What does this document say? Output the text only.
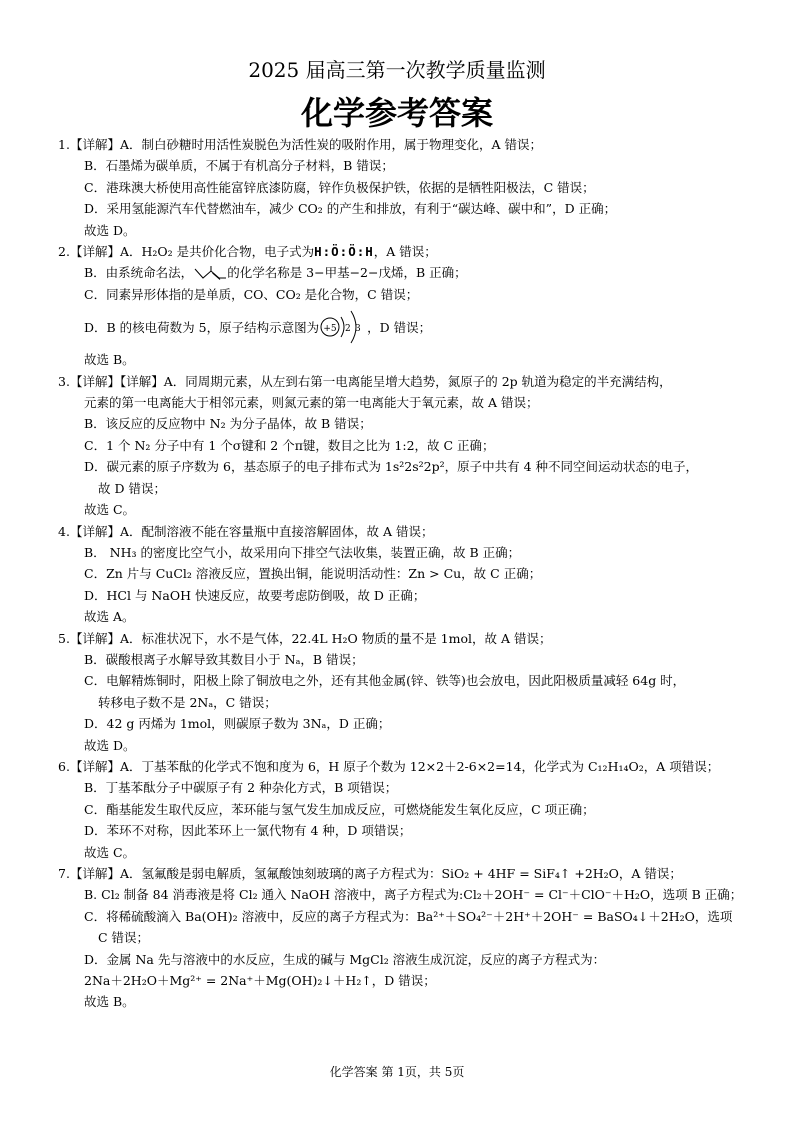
2025 届高三第一次教学质量监测
化学参考答案
1.【详解】A．制白砂糖时用活性炭脱色为活性炭的吸附作用，属于物理变化，A 错误；
B．石墨烯为碳单质，不属于有机高分子材料，B 错误；
C．港珠澳大桥使用高性能富锌底漆防腐，锌作负极保护铁，依据的是牺牲阳极法，C 错误；
D．采用氢能源汽车代替燃油车，减少 CO₂ 的产生和排放，有利于“碳达峰、碳中和”，D 正确；
故选 D。
2.【详解】A．H₂O₂ 是共价化合物，电子式为H:Ö:Ö:H，A 错误；
B．由系统命名法，	的化学名称是 3−甲基−2−戊烯，B 正确；
C．同素异形体指的是单质，CO、CO₂ 是化合物，C 错误；
D．B 的核电荷数为 5，原子结构示意图为 +5 2 3 ，D 错误；
故选 B。
3.【详解】【详解】A．同周期元素，从左到右第一电离能呈增大趋势，氮原子的 2p 轨道为稳定的半充满结构，
元素的第一电离能大于相邻元素，则氮元素的第一电离能大于氧元素，故 A 错误；
B．该反应的反应物中 N₂ 为分子晶体，故 B 错误；
C．1 个 N₂ 分子中有 1 个σ键和 2 个π键，数目之比为 1:2，故 C 正确；
D．碳元素的原子序数为 6，基态原子的电子排布式为 1s²2s²2p²，原子中共有 4 种不同空间运动状态的电子，
故 D 错误；
故选 C。
4.【详解】A．配制溶液不能在容量瓶中直接溶解固体，故 A 错误；
B． NH₃ 的密度比空气小，故采用向下排空气法收集，装置正确，故 B 正确；
C．Zn 片与 CuCl₂ 溶液反应，置换出铜，能说明活动性：Zn > Cu，故 C 正确；
D．HCl 与 NaOH 快速反应，故要考虑防倒吸，故 D 正确；
故选 A。
5.【详解】A．标准状况下，水不是气体，22.4L H₂O 物质的量不是 1mol，故 A 错误；
B．碳酸根离子水解导致其数目小于 Nₐ，B 错误；
C．电解精炼铜时，阳极上除了铜放电之外，还有其他金属(锌、铁等)也会放电，因此阳极质量减轻 64g 时，
转移电子数不是 2Nₐ，C 错误；
D．42 g 丙烯为 1mol，则碳原子数为 3Nₐ，D 正确；
故选 D。
6.【详解】A．丁基苯酞的化学式不饱和度为 6，H 原子个数为 12×2＋2-6×2=14，化学式为 C₁₂H₁₄O₂，A 项错误；
B．丁基苯酞分子中碳原子有 2 种杂化方式，B 项错误；
C．酯基能发生取代反应，苯环能与氢气发生加成反应，可燃烧能发生氧化反应，C 项正确；
D．苯环不对称，因此苯环上一氯代物有 4 种，D 项错误；
故选 C。
7.【详解】A．氢氟酸是弱电解质，氢氟酸蚀刻玻璃的离子方程式为：SiO₂ + 4HF = SiF₄↑ +2H₂O，A 错误；
B. Cl₂ 制备 84 消毒液是将 Cl₂ 通入 NaOH 溶液中，离子方程式为:Cl₂＋2OH⁻ = Cl⁻＋ClO⁻＋H₂O，选项 B 正确；
C．将稀硫酸滴入 Ba(OH)₂ 溶液中，反应的离子方程式为：Ba²⁺＋SO₄²⁻＋2H⁺＋2OH⁻ = BaSO₄↓＋2H₂O，选项
C 错误；
D．金属 Na 先与溶液中的水反应，生成的碱与 MgCl₂ 溶液生成沉淀，反应的离子方程式为：
2Na＋2H₂O＋Mg²⁺ = 2Na⁺＋Mg(OH)₂↓＋H₂↑，D 错误；
故选 B。
化学答案 第 1页，共 5页
